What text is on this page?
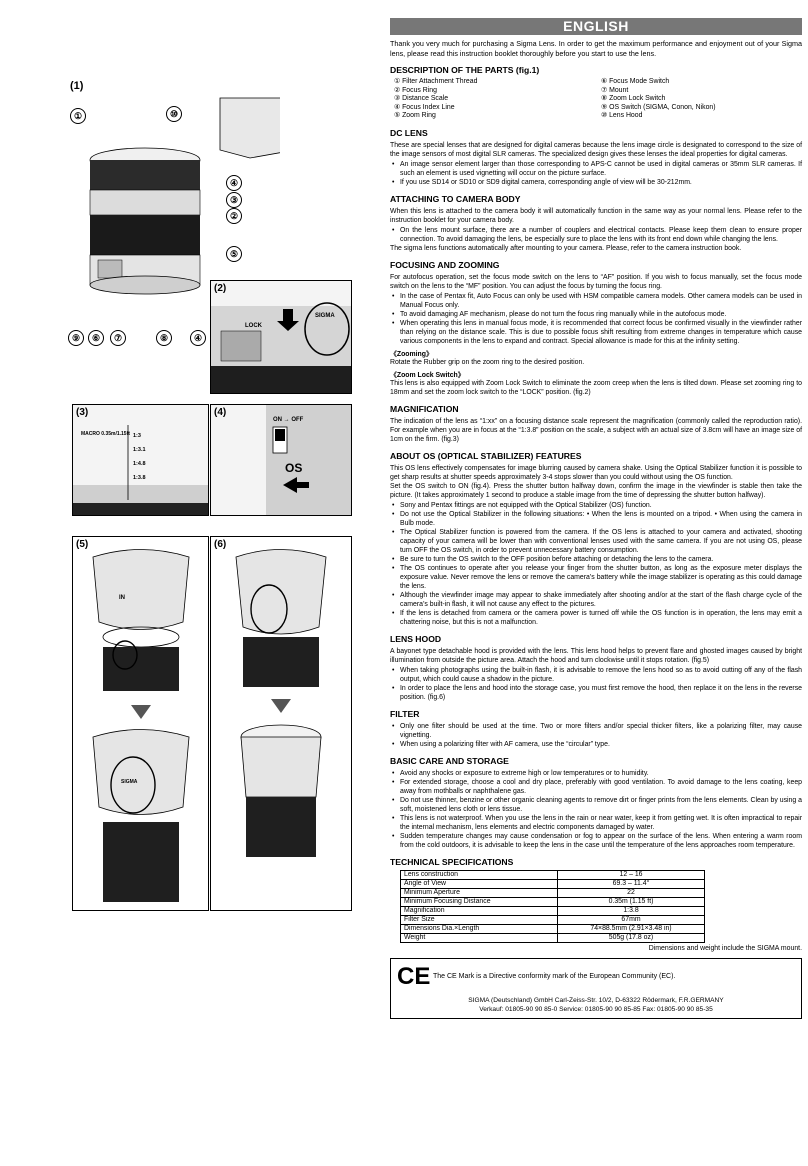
(1)
①	⑩
④
③
②
⑤
⑨	⑥	⑦	⑧	④
(2)
LOCK
SIGMA
(3)
MACRO 0.35m/1.15ft 1:3
1:3.1
1:4.8
1:3.8
(4)
ON → OFF
OS
(5)
IN
SIGMA
(6)
ENGLISH

Thank you very much for purchasing a Sigma Lens. In order to get the maximum performance and enjoyment out of your Sigma lens, please read this instruction booklet thoroughly before you start to use the lens.

DESCRIPTION OF THE PARTS (fig.1)
① Filter Attachment Thread	⑥ Focus Mode Switch
② Focus Ring	⑦ Mount
③ Distance Scale	⑧ Zoom Lock Switch
④ Focus Index Line	⑨ OS Switch (SIGMA, Conon, Nikon)
⑤ Zoom Ring	⑩ Lens Hood
DC LENS

These are special lenses that are designed for digital cameras because the lens image circle is designated to correspond to the size of the image sensors of most digital SLR cameras. The specialized design gives these lenses the ideal properties for digital cameras.

• An image sensor element larger than those corresponding to APS-C cannot be used in digital cameras or 35mm SLR cameras. If such an element is used vignetting will occur on the picture surface.
• If you use SD14 or SD10 or SD9 digital camera, corresponding angle of view will be 30-212mm.
ATTACHING TO CAMERA BODY

When this lens is attached to the camera body it will automatically function in the same way as your normal lens. Please refer to the instruction booklet for your camera body.

• On the lens mount surface, there are a number of couplers and electrical contacts. Please keep them clean to ensure proper connection. To avoid damaging the lens, be especially sure to place the lens with its front end down while changing the lens.

The sigma lens functions automatically after mounting to your camera. Please, refer to the camera instruction book.

FOCUSING AND ZOOMING

For autofocus operation, set the focus mode switch on the lens to “AF” position. If you wish to focus manually, set the focus mode switch on the lens to the “MF” position. You can adjust the focus by turning the focus ring.

• In the case of Pentax fit, Auto Focus can only be used with HSM compatible camera models. Other camera models can be used in Manual Focus only.
• To avoid damaging AF mechanism, please do not turn the focus ring manually while in the autofocus mode.
• When operating this lens in manual focus mode, it is recommended that correct focus be confirmed visually in the viewfinder rather than relying on the distance scale. This is due to possible focus shift resulting from extreme changes in temperature which cause various components in the lens to expand and contract. Special allowance is made for this at the infinity setting.
《Zooming》

Rotate the Rubber grip on the zoom ring to the desired position.

《Zoom Lock Switch》

This lens is also equipped with Zoom Lock Switch to eliminate the zoom creep when the lens is tilted down. Please set zooming ring to 18mm and set the zoom lock switch to the “LOCK” position. (fig.2)

MAGNIFICATION

The indication of the lens as “1:xx” on a focusing distance scale represent the magnification (commonly called the reproduction ratio). For example when you are in focus at the “1:3.8” position on the scale, a subject with an actual size of 3.8cm will have an image size of 1cm on the firm. (fig.3)

ABOUT OS (OPTICAL STABILIZER) FEATURES

This OS lens effectively compensates for image blurring caused by camera shake. Using the Optical Stabilizer function it is possible to get sharp results at shutter speeds approximately 3-4 stops slower than you could without using the OS function.

Set the OS switch to ON (fig.4). Press the shutter button halfway down, confirm the image in the viewfinder is stable then take the picture. (It takes approximately 1 second to produce a stable image from the time of depressing the shutter button halfway).

• Sony and Pentax fittings are not equipped with the Optical Stabilizer (OS) function.
• Do not use the Optical Stabilizer in the following situations: • When the lens is mounted on a tripod. • When using the camera in Bulb mode.
• The Optical Stabilizer function is powered from the camera. If the OS lens is attached to your camera and activated, shooting capacity of your camera will be lower than with conventional lenses used with the same camera. If you are not using OS, please turn OFF the OS switch, in order to prevent unnecessary battery consumption.
• Be sure to turn the OS switch to the OFF position before attaching or detaching the lens to the camera.
• The OS continues to operate after you release your finger from the shutter button, as long as the exposure meter displays the exposure value. Never remove the lens or remove the camera’s battery while the image stabilizer is operating as this could damage the lens.
• Although the viewfinder image may appear to shake immediately after shooting and/or at the start of the flash charge cycle of the camera’s built-in flash, it will not cause any effect to the pictures.
• If the lens is detached from camera or the camera power is turned off while the OS function is in operation, the lens may emit a chattering noise, but this is not a malfunction.
LENS HOOD

A bayonet type detachable hood is provided with the lens. This lens hood helps to prevent flare and ghosted images caused by bright illumination from outside the picture area. Attach the hood and turn clockwise until it stops rotation. (fig.5)

• When taking photographs using the built-in flash, it is advisable to remove the lens hood so as to avoid cutting off any of the flash output, which could cause a shadow in the picture.
• In order to place the lens and hood into the storage case, you must first remove the hood, then replace it on the lens in the reverse position. (fig.6)
FILTER
• Only one filter should be used at the time. Two or more filters and/or special thicker filters, like a polarizing filter, may cause vignetting.
• When using a polarizing filter with AF camera, use the “circular” type.
BASIC CARE AND STORAGE
• Avoid any shocks or exposure to extreme high or low temperatures or to humidity.
• For extended storage, choose a cool and dry place, preferably with good ventilation. To avoid damage to the lens coating, keep away from mothballs or naphthalene gas.
• Do not use thinner, benzine or other organic cleaning agents to remove dirt or finger prints from the lens elements. Clean by using a soft, moistened lens cloth or lens tissue.
• This lens is not waterproof. When you use the lens in the rain or near water, keep it from getting wet. It is often impractical to repair the internal mechanism, lens elements and electric components damaged by water.
• Sudden temperature changes may cause condensation or fog to appear on the surface of the lens. When entering a warm room from the cold outdoors, it is advisable to keep the lens in the case until the temperature of the lens approaches room temperature.
TECHNICAL SPECIFICATIONS
Lens construction	12 – 16
Angle of View	69.3 – 11.4°
Minimum Aperture	22
Minimum Focusing Distance	0.35m (1.15 ft)
Magnification	1:3.8
Filter Size	67mm
Dimensions Dia.×Length	74×88.5mm (2.91×3.48 in)
Weight	505g (17.8 oz)
Dimensions and weight include the SIGMA mount.
CE The CE Mark is a Directive conformity mark of the European Community (EC).
SIGMA (Deutschland) GmbH Carl-Zeiss-Str. 10/2, D-63322 Rödermark, F.R.GERMANY
Verkauf: 01805-90 90 85-0 Service: 01805-90 90 85-85 Fax: 01805-90 90 85-35
